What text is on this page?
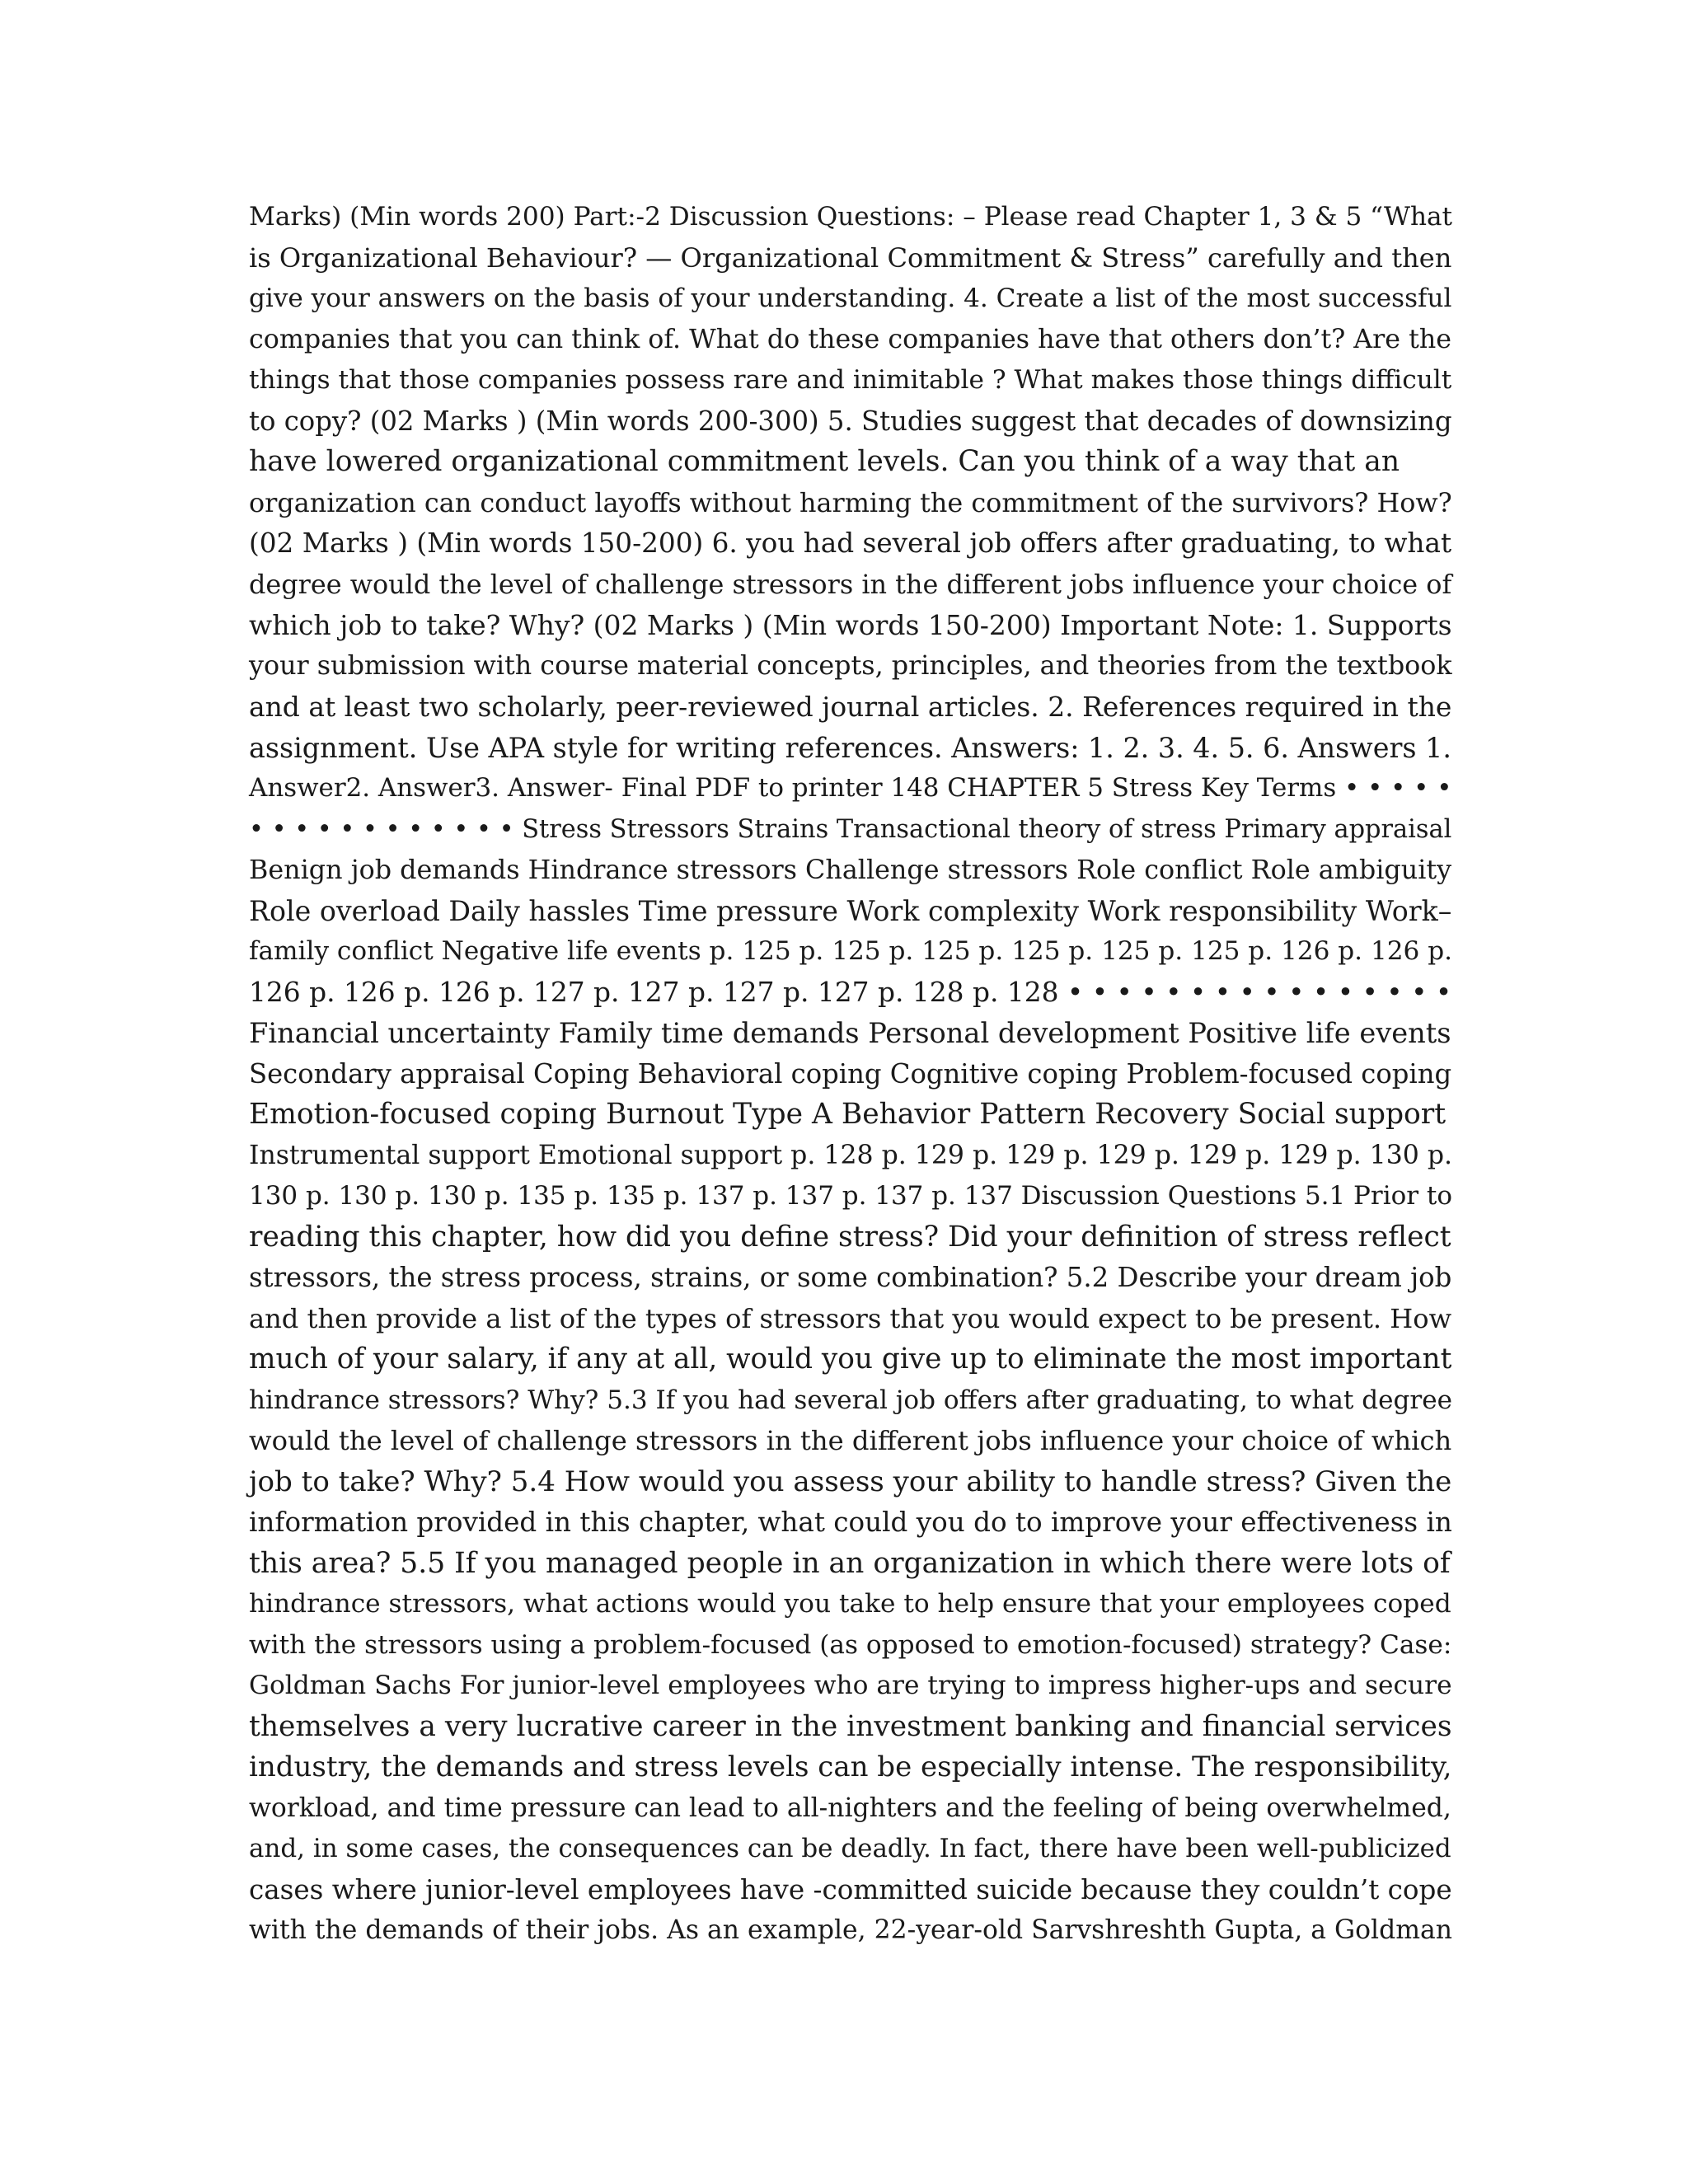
Marks) (Min words 200) Part:-2 Discussion Questions: – Please read Chapter 1, 3 & 5 “What
is Organizational Behaviour? — Organizational Commitment & Stress” carefully and then
give your answers on the basis of your understanding. 4. Create a list of the most successful
companies that you can think of. What do these companies have that others don’t? Are the
things that those companies possess rare and inimitable ? What makes those things difficult
to copy? (02 Marks ) (Min words 200-300) 5. Studies suggest that decades of downsizing
have lowered organizational commitment levels. Can you think of a way that an
organization can conduct layoffs without harming the commitment of the survivors? How?
(02 Marks ) (Min words 150-200) 6. you had several job offers after graduating, to what
degree would the level of challenge stressors in the different jobs influence your choice of
which job to take? Why? (02 Marks ) (Min words 150-200) Important Note: 1. Supports
your submission with course material concepts, principles, and theories from the textbook
and at least two scholarly, peer-reviewed journal articles. 2. References required in the
assignment. Use APA style for writing references. Answers: 1. 2. 3. 4. 5. 6. Answers 1.
Answer2. Answer3. Answer- Final PDF to printer 148 CHAPTER 5 Stress Key Terms • • • • •
• • • • • • • • • • • • Stress Stressors Strains Transactional theory of stress Primary appraisal
Benign job demands Hindrance stressors Challenge stressors Role conflict Role ambiguity
Role overload Daily hassles Time pressure Work complexity Work responsibility Work–
family conflict Negative life events p. 125 p. 125 p. 125 p. 125 p. 125 p. 125 p. 126 p. 126 p.
126 p. 126 p. 126 p. 127 p. 127 p. 127 p. 127 p. 128 p. 128 • • • • • • • • • • • • • • • •
Financial uncertainty Family time demands Personal development Positive life events
Secondary appraisal Coping Behavioral coping Cognitive coping Problem-focused coping
Emotion-focused coping Burnout Type A Behavior Pattern Recovery Social support
Instrumental support Emotional support p. 128 p. 129 p. 129 p. 129 p. 129 p. 129 p. 130 p.
130 p. 130 p. 130 p. 135 p. 135 p. 137 p. 137 p. 137 p. 137 Discussion Questions 5.1 Prior to
reading this chapter, how did you define stress? Did your definition of stress reflect
stressors, the stress process, strains, or some combination? 5.2 Describe your dream job
and then provide a list of the types of stressors that you would expect to be present. How
much of your salary, if any at all, would you give up to eliminate the most important
hindrance stressors? Why? 5.3 If you had several job offers after graduating, to what degree
would the level of challenge stressors in the different jobs influence your choice of which
job to take? Why? 5.4 How would you assess your ability to handle stress? Given the
information provided in this chapter, what could you do to improve your effectiveness in
this area? 5.5 If you managed people in an organization in which there were lots of
hindrance stressors, what actions would you take to help ensure that your employees coped
with the stressors using a problem-focused (as opposed to emotion-focused) strategy? Case:
Goldman Sachs For junior-level employees who are trying to impress higher-ups and secure
themselves a very lucrative career in the investment banking and financial services
industry, the demands and stress levels can be especially intense. The responsibility,
workload, and time pressure can lead to all-nighters and the feeling of being overwhelmed,
and, in some cases, the consequences can be deadly. In fact, there have been well-publicized
cases where junior-level employees have -committed suicide because they couldn’t cope
with the demands of their jobs. As an example, 22-year-old Sarvshreshth Gupta, a Goldman
